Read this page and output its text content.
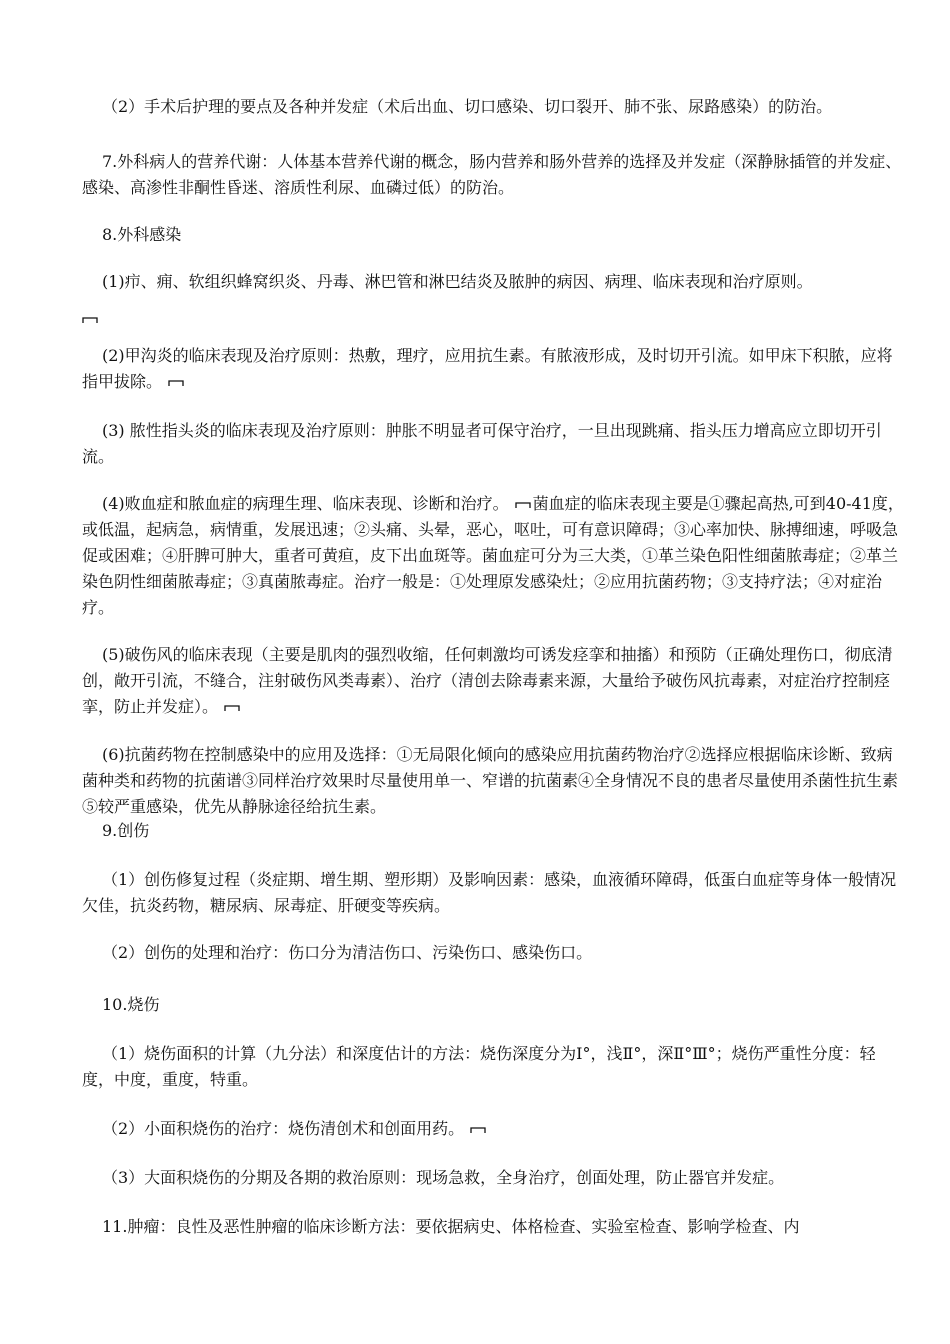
（2）手术后护理的要点及各种并发症（术后出血、切口感染、切口裂开、肺不张、尿路感染）的防治。

7.外科病人的营养代谢：人体基本营养代谢的概念，肠内营养和肠外营养的选择及并发症（深静脉插管的并发症、感染、高渗性非酮性昏迷、溶质性利尿、血磷过低）的防治。

8.外科感染

(1)疖、痈、软组织蜂窝织炎、丹毒、淋巴管和淋巴结炎及脓肿的病因、病理、临床表现和治疗原则。

(2)甲沟炎的临床表现及治疗原则：热敷，理疗，应用抗生素。有脓液形成，及时切开引流。如甲床下积脓，应将指甲拔除。

(3) 脓性指头炎的临床表现及治疗原则：肿胀不明显者可保守治疗，一旦出现跳痛、指头压力增高应立即切开引流。

(4)败血症和脓血症的病理生理、临床表现、诊断和治疗。 菌血症的临床表现主要是①骤起高热,可到40-41度，或低温，起病急，病情重，发展迅速；②头痛、头晕，恶心，呕吐，可有意识障碍；③心率加快、脉搏细速，呼吸急促或困难；④肝脾可肿大，重者可黄疸，皮下出血斑等。菌血症可分为三大类，①革兰染色阳性细菌脓毒症；②革兰染色阴性细菌脓毒症；③真菌脓毒症。治疗一般是：①处理原发感染灶；②应用抗菌药物；③支持疗法；④对症治疗。

(5)破伤风的临床表现（主要是肌肉的强烈收缩，任何刺激均可诱发痉挛和抽搐）和预防（正确处理伤口，彻底清创，敞开引流，不缝合，注射破伤风类毒素）、治疗（清创去除毒素来源，大量给予破伤风抗毒素，对症治疗控制痉挛，防止并发症）。

(6)抗菌药物在控制感染中的应用及选择：①无局限化倾向的感染应用抗菌药物治疗②选择应根据临床诊断、致病菌种类和药物的抗菌谱③同样治疗效果时尽量使用单一、窄谱的抗菌素④全身情况不良的患者尽量使用杀菌性抗生素⑤较严重感染，优先从静脉途径给抗生素。

9.创伤

（1）创伤修复过程（炎症期、增生期、塑形期）及影响因素：感染，血液循环障碍，低蛋白血症等身体一般情况欠佳，抗炎药物，糖尿病、尿毒症、肝硬变等疾病。

（2）创伤的处理和治疗：伤口分为清洁伤口、污染伤口、感染伤口。

10.烧伤

（1）烧伤面积的计算（九分法）和深度估计的方法：烧伤深度分为Ⅰ°，浅Ⅱ°，深Ⅱ°Ⅲ°；烧伤严重性分度：轻度，中度，重度，特重。

（2）小面积烧伤的治疗：烧伤清创术和创面用药。

（3）大面积烧伤的分期及各期的救治原则：现场急救，全身治疗，创面处理，防止器官并发症。

11.肿瘤：良性及恶性肿瘤的临床诊断方法：要依据病史、体格检查、实验室检查、影响学检查、内
